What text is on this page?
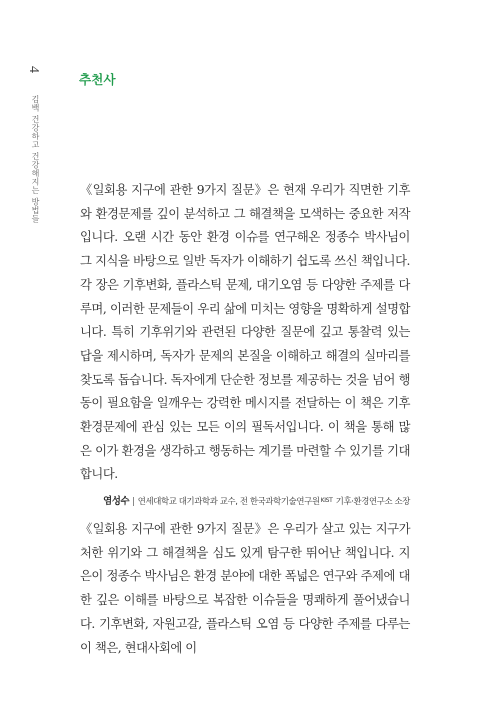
4
김백 건강하고 건강해지는 방법들
추천사

《일회용 지구에 관한 9가지 질문》은 현재 우리가 직면한 기후와 환경문제를 깊이 분석하고 그 해결책을 모색하는 중요한 저작입니다. 오랜 시간 동안 환경 이슈를 연구해온 정종수 박사님이 그 지식을 바탕으로 일반 독자가 이해하기 쉽도록 쓰신 책입니다. 각 장은 기후변화, 플라스틱 문제, 대기오염 등 다양한 주제를 다루며, 이러한 문제들이 우리 삶에 미치는 영향을 명확하게 설명합니다. 특히 기후위기와 관련된 다양한 질문에 깊고 통찰력 있는 답을 제시하며, 독자가 문제의 본질을 이해하고 해결의 실마리를 찾도록 돕습니다. 독자에게 단순한 정보를 제공하는 것을 넘어 행동이 필요함을 일깨우는 강력한 메시지를 전달하는 이 책은 기후 환경문제에 관심 있는 모든 이의 필독서입니다. 이 책을 통해 많은 이가 환경을 생각하고 행동하는 계기를 마련할 수 있기를 기대합니다.

염성수 | 연세대학교 대기과학과 교수, 전 한국과학기술연구원$^{KIST}$ 기후·환경연구소 소장

《일회용 지구에 관한 9가지 질문》은 우리가 살고 있는 지구가 처한 위기와 그 해결책을 심도 있게 탐구한 뛰어난 책입니다. 지은이 정종수 박사님은 환경 분야에 대한 폭넓은 연구와 주제에 대한 깊은 이해를 바탕으로 복잡한 이슈들을 명쾌하게 풀어냈습니다. 기후변화, 자원고갈, 플라스틱 오염 등 다양한 주제를 다루는 이 책은, 현대사회에 이
